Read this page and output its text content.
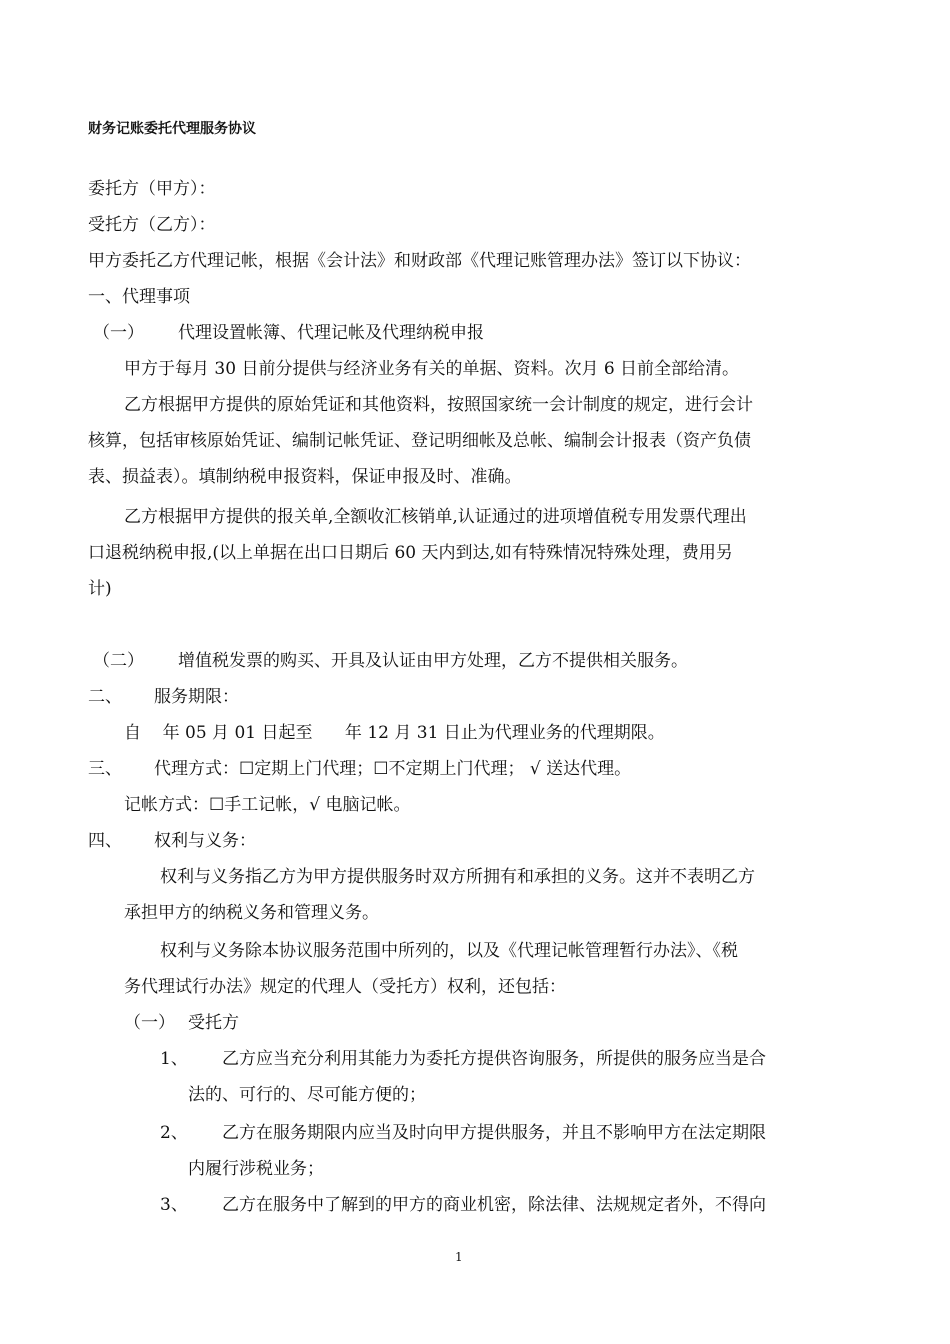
财务记账委托代理服务协议
委托方（甲方）：
受托方（乙方）：
甲方委托乙方代理记帐，根据《会计法》和财政部《代理记账管理办法》签订以下协议：
一、代理事项
（一） 代理设置帐簿、代理记帐及代理纳税申报
甲方于每月 30 日前分提供与经济业务有关的单据、资料。次月 6 日前全部给清。
乙方根据甲方提供的原始凭证和其他资料，按照国家统一会计制度的规定，进行会计
核算，包括审核原始凭证、编制记帐凭证、登记明细帐及总帐、编制会计报表（资产负债
表、损益表）。填制纳税申报资料，保证申报及时、准确。
乙方根据甲方提供的报关单,全额收汇核销单,认证通过的进项增值税专用发票代理出
口退税纳税申报,(以上单据在出口日期后 60 天内到达,如有特殊情况特殊处理，费用另
计)
（二） 增值税发票的购买、开具及认证由甲方处理，乙方不提供相关服务。
二、 服务期限：
自    年 05 月 01 日起至      年 12 月 31 日止为代理业务的代理期限。
三、 代理方式：☐定期上门代理；☐不定期上门代理； √ 送达代理。
记帐方式：☐手工记帐，√ 电脑记帐。
四、 权利与义务：
权利与义务指乙方为甲方提供服务时双方所拥有和承担的义务。这并不表明乙方
承担甲方的纳税义务和管理义务。
权利与义务除本协议服务范围中所列的，以及《代理记帐管理暂行办法》、《税
务代理试行办法》规定的代理人（受托方）权利，还包括：
（一） 受托方
1、 乙方应当充分利用其能力为委托方提供咨询服务，所提供的服务应当是合
法的、可行的、尽可能方便的；
2、 乙方在服务期限内应当及时向甲方提供服务，并且不影响甲方在法定期限
内履行涉税业务；
3、 乙方在服务中了解到的甲方的商业机密，除法律、法规规定者外，不得向
1
